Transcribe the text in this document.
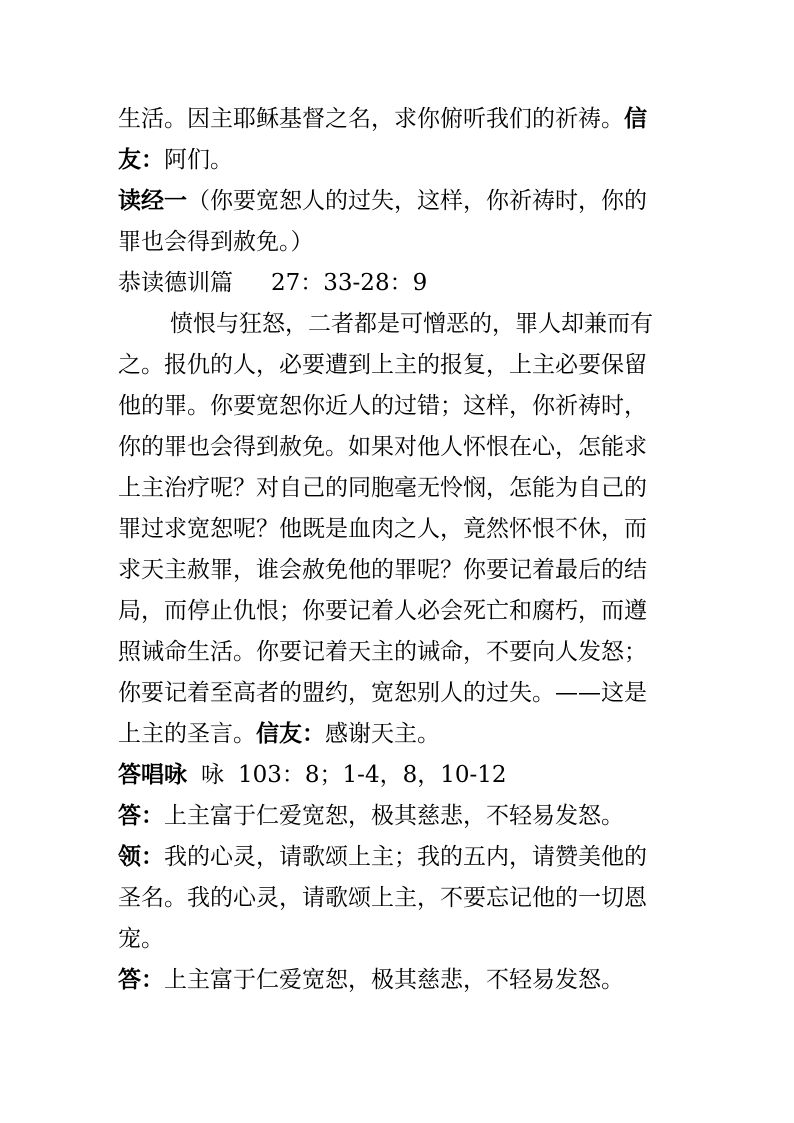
生活。因主耶稣基督之名，求你俯听我们的祈祷。信
友：阿们。
读经一（你要宽恕人的过失，这样，你祈祷时，你的
罪也会得到赦免。）
恭读德训篇 27：33-28：9
愤恨与狂怒，二者都是可憎恶的，罪人却兼而有
之。报仇的人，必要遭到上主的报复，上主必要保留
他的罪。你要宽恕你近人的过错；这样，你祈祷时，
你的罪也会得到赦免。如果对他人怀恨在心，怎能求
上主治疗呢？对自己的同胞毫无怜悯，怎能为自己的
罪过求宽恕呢？他既是血肉之人，竟然怀恨不休，而
求天主赦罪，谁会赦免他的罪呢？你要记着最后的结
局，而停止仇恨；你要记着人必会死亡和腐朽，而遵
照诫命生活。你要记着天主的诫命，不要向人发怒；
你要记着至高者的盟约，宽恕别人的过失。——这是
上主的圣言。信友：感谢天主。
答唱咏 咏 103：8；1-4，8，10-12
答：上主富于仁爱宽恕，极其慈悲，不轻易发怒。
领：我的心灵，请歌颂上主；我的五内，请赞美他的
圣名。我的心灵，请歌颂上主，不要忘记他的一切恩
宠。
答：上主富于仁爱宽恕，极其慈悲，不轻易发怒。
